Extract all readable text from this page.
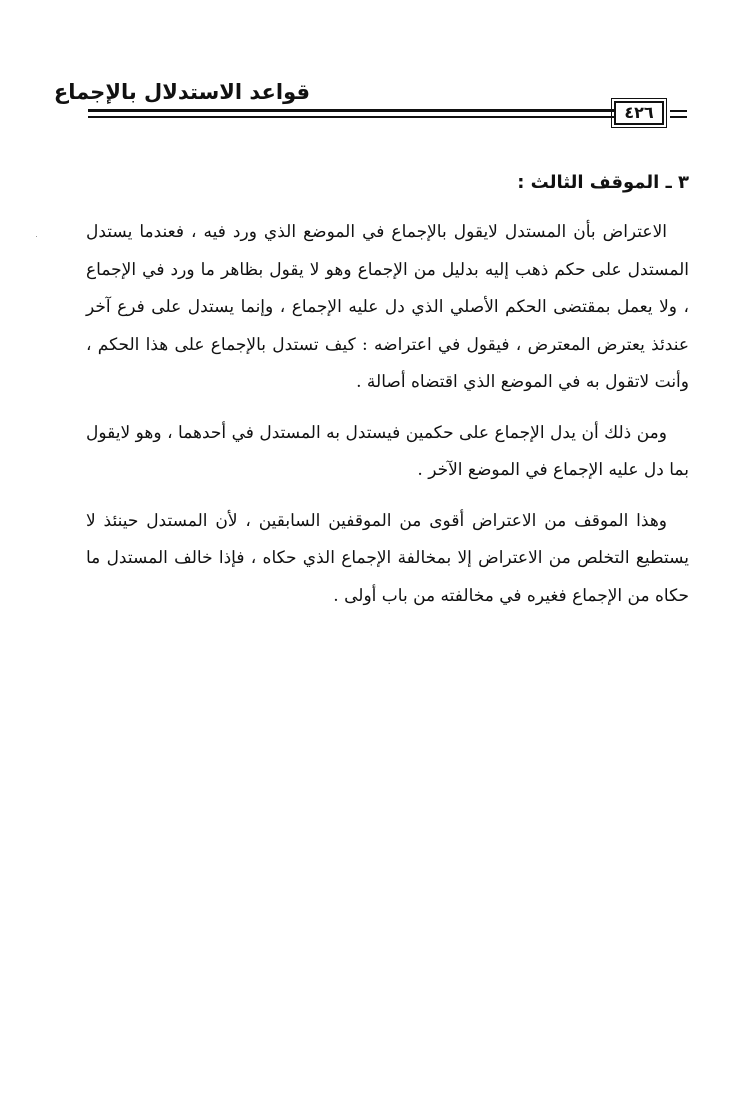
قواعد الاستدلال بالإجماع
٤٢٦
٣ ـ الموقف الثالث :

الاعتراض بأن المستدل لايقول بالإجماع في الموضع الذي ورد فيه ، فعندما يستدل المستدل على حكم ذهب إليه بدليل من الإجماع وهو لا يقول بظاهر ما ورد في الإجماع ، ولا يعمل بمقتضى الحكم الأصلي الذي دل عليه الإجماع ، وإنما يستدل على فرع آخر عندئذ يعترض المعترض ، فيقول في اعتراضه : كيف تستدل بالإجماع على هذا الحكم ، وأنت لاتقول به في الموضع الذي اقتضاه أصالة .

ومن ذلك أن يدل الإجماع على حكمين فيستدل به المستدل في أحدهما ، وهو لايقول بما دل عليه الإجماع في الموضع الآخر .

وهذا الموقف من الاعتراض أقوى من الموقفين السابقين ، لأن المستدل حينئذ لا يستطيع التخلص من الاعتراض إلا بمخالفة الإجماع الذي حكاه ، فإذا خالف المستدل ما حكاه من الإجماع فغيره في مخالفته من باب أولى .
